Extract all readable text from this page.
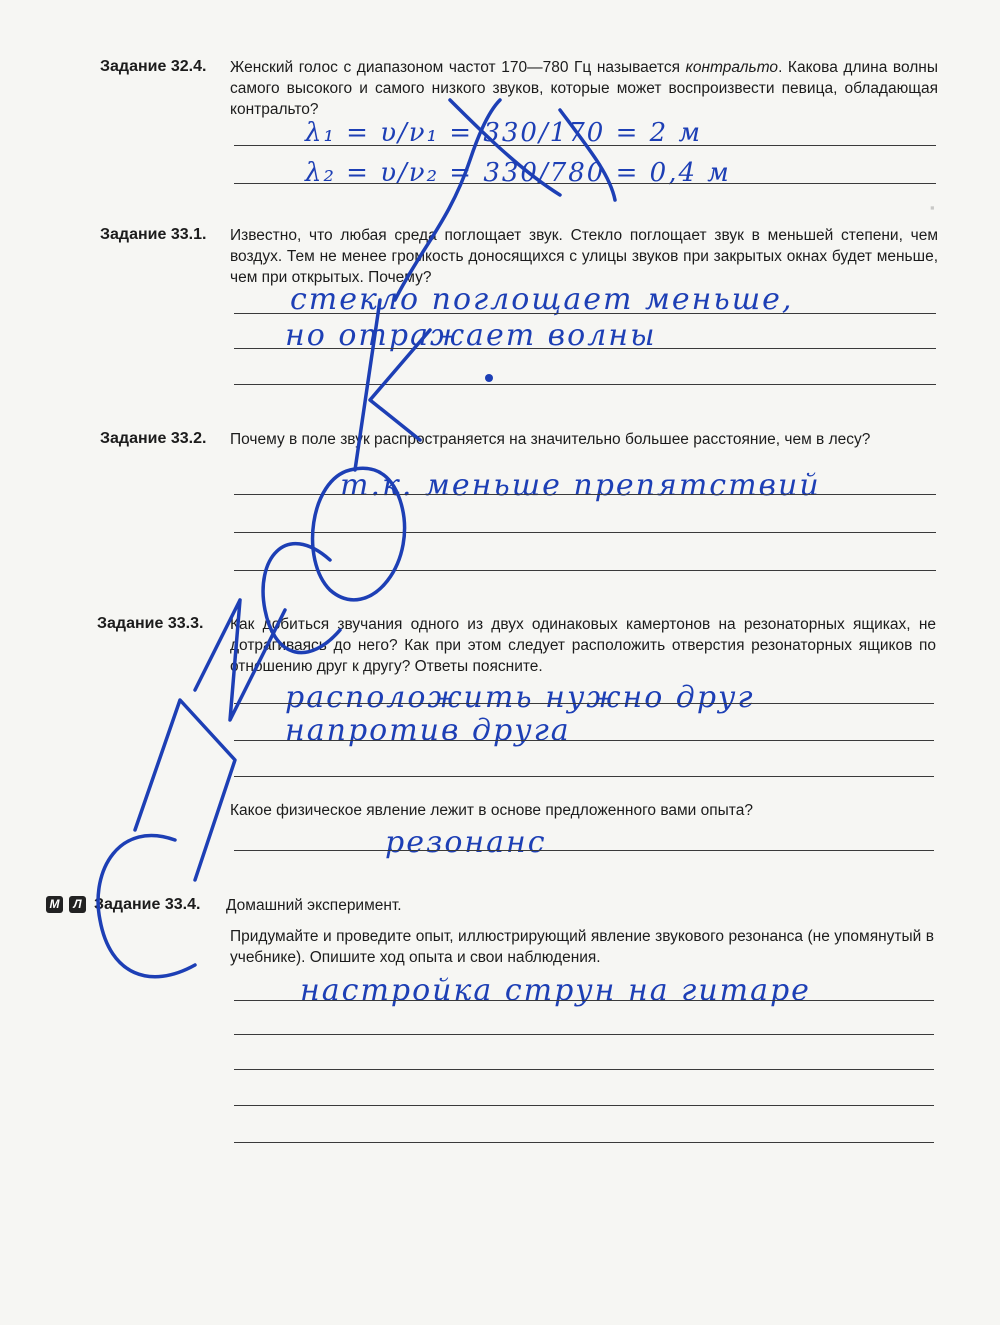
▪
Задание 32.4. Женский голос с диапазоном частот 170—780 Гц называется контральто. Какова длина волны самого высокого и самого низкого звуков, которые может воспроизвести певица, обладающая контральто?
λ₁ = υ/ν₁ = 330/170 = 2 м
λ₂ = υ/ν₂ = 330/780 = 0,4 м
Задание 33.1. Известно, что любая среда поглощает звук. Стекло поглощает звук в меньшей степени, чем воздух. Тем не менее громкость доносящихся с улицы звуков при закрытых окнах будет меньше, чем при открытых. Почему?
стекло поглощает меньше,
но отражает волны
Задание 33.2. Почему в поле звук распространяется на значительно большее расстояние, чем в лесу?
т.к. меньше препятствий
Задание 33.3. Как добиться звучания одного из двух одинаковых камертонов на резонаторных ящиках, не дотрагиваясь до него? Как при этом следует расположить отверстия резонаторных ящиков по отношению друг к другу? Ответы поясните.
расположить нужно друг
напротив друга
Какое физическое явление лежит в основе предложенного вами опыта?
резонанс
М	Л Задание 33.4. Домашний эксперимент.
Придумайте и проведите опыт, иллюстрирующий явление звукового резонанса (не упомянутый в учебнике). Опишите ход опыта и свои наблюдения.
настройка струн на гитаре
